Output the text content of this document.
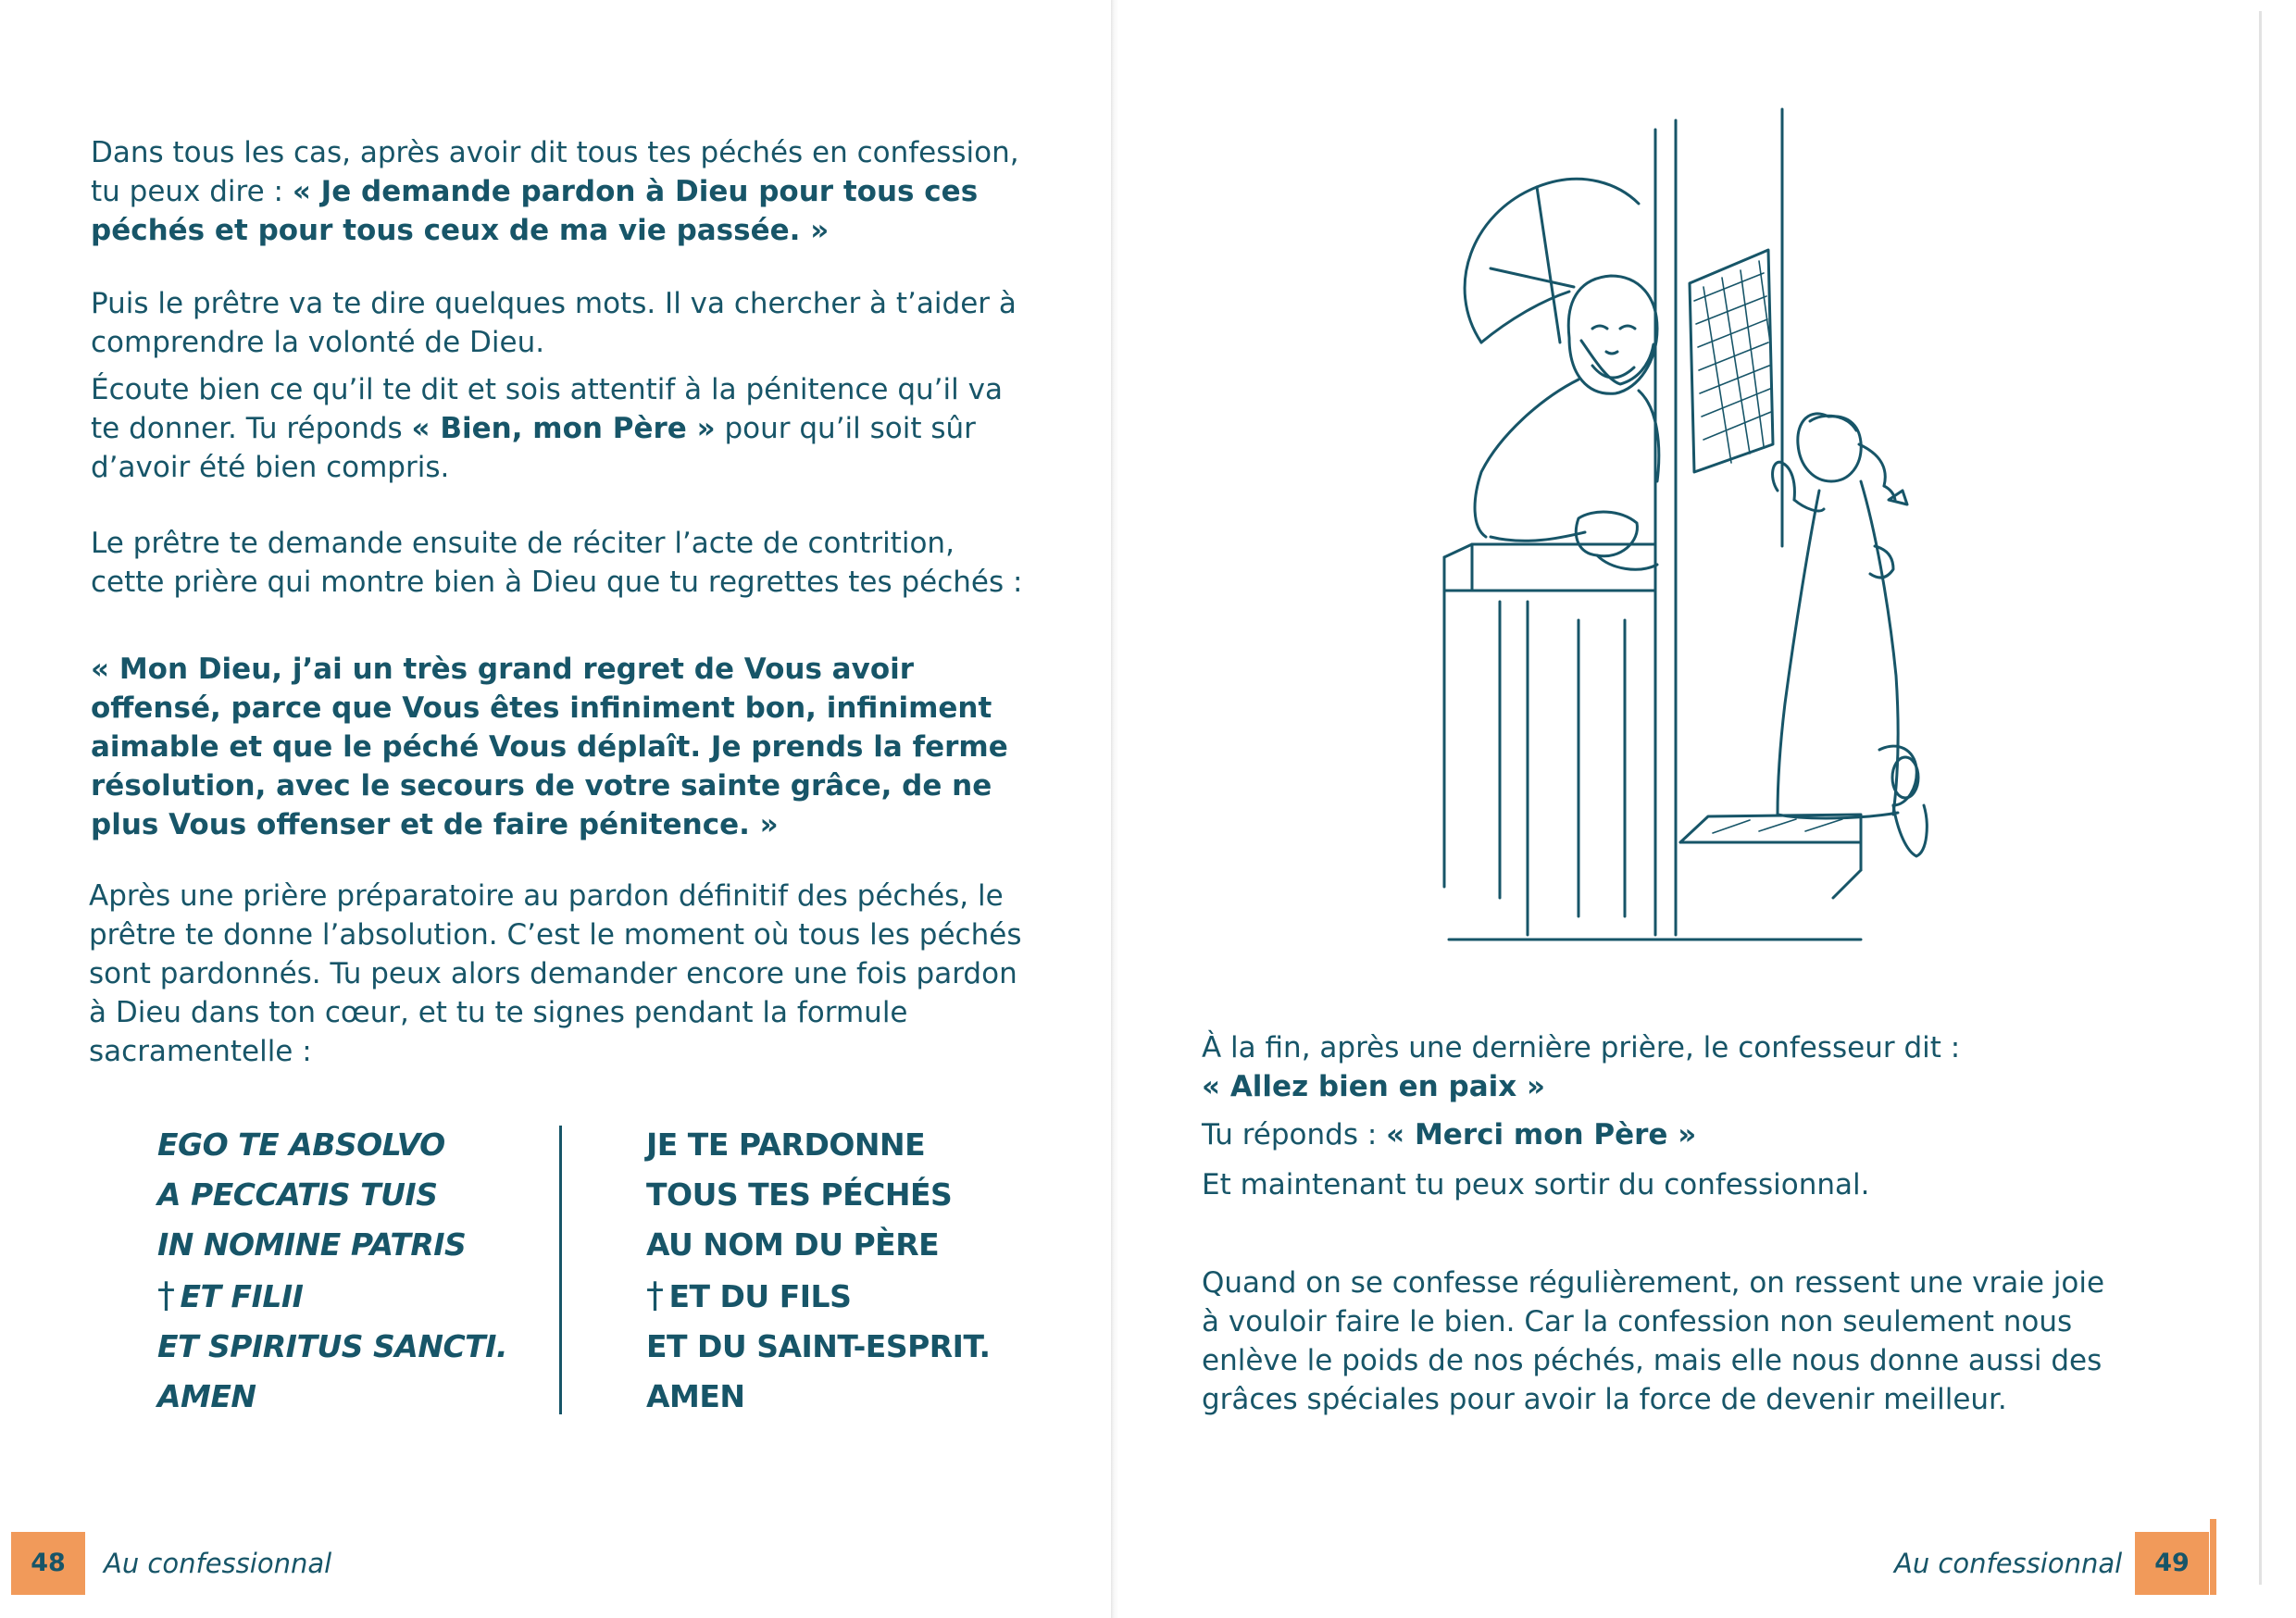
Dans tous les cas, après avoir dit tous tes péchés en confession, tu peux dire : « Je demande pardon à Dieu pour tous ces péchés et pour tous ceux de ma vie passée. »

Puis le prêtre va te dire quelques mots. Il va chercher à t’aider à comprendre la volonté de Dieu.

Écoute bien ce qu’il te dit et sois attentif à la pénitence qu’il va te donner. Tu réponds « Bien, mon Père » pour qu’il soit sûr d’avoir été bien compris.

Le prêtre te demande ensuite de réciter l’acte de contrition, cette prière qui montre bien à Dieu que tu regrettes tes péchés :

« Mon Dieu, j’ai un très grand regret de Vous avoir offensé, parce que Vous êtes infiniment bon, infiniment aimable et que le péché Vous déplaît. Je prends la ferme résolution, avec le secours de votre sainte grâce, de ne plus Vous offenser et de faire pénitence. »

Après une prière préparatoire au pardon définitif des péchés, le prêtre te donne l’absolution. C’est le moment où tous les péchés sont pardonnés. Tu peux alors demander encore une fois pardon à Dieu dans ton cœur, et tu te signes pendant la formule sacramentelle :

EGO TE ABSOLVO
A PECCATIS TUIS
IN NOMINE PATRIS
† ET FILII
ET SPIRITUS SANCTI.
AMEN
JE TE PARDONNE
TOUS TES PÉCHÉS
AU NOM DU PÈRE
† ET DU FILS
ET DU SAINT-ESPRIT.
AMEN
48	Au confessionnal

À la fin, après une dernière prière, le confesseur dit :
« Allez bien en paix »

Tu réponds : « Merci mon Père »

Et maintenant tu peux sortir du confessionnal.

Quand on se confesse régulièrement, on ressent une vraie joie à vouloir faire le bien. Car la confession non seulement nous enlève le poids de nos péchés, mais elle nous donne aussi des grâces spéciales pour avoir la force de devenir meilleur.

Au confessionnal	49
